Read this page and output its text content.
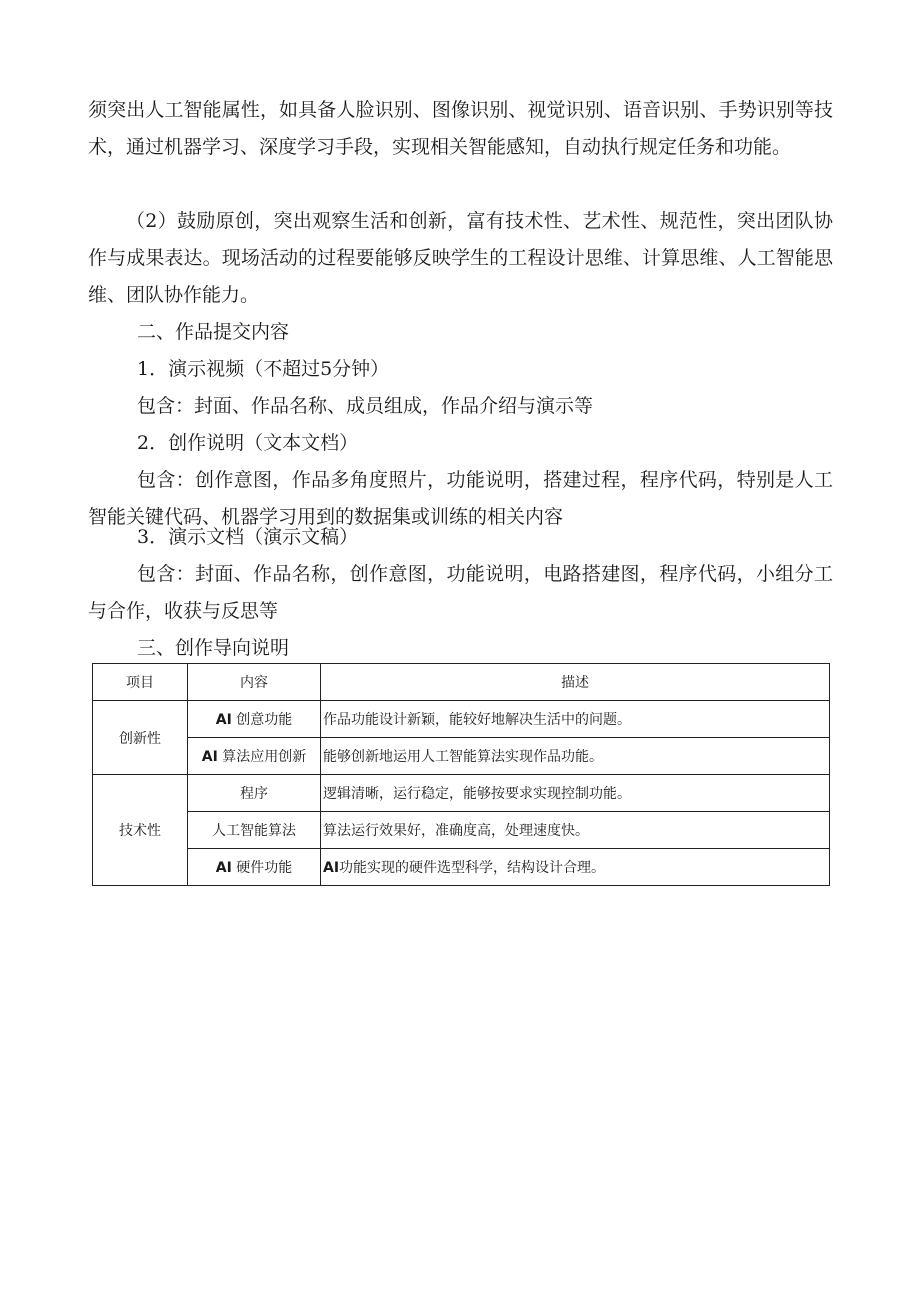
须突出人工智能属性，如具备人脸识别、图像识别、视觉识别、语音识别、手势识别等技术，通过机器学习、深度学习手段，实现相关智能感知，自动执行规定任务和功能。

（2）鼓励原创，突出观察生活和创新，富有技术性、艺术性、规范性，突出团队协作与成果表达。现场活动的过程要能够反映学生的工程设计思维、计算思维、人工智能思维、团队协作能力。

二、作品提交内容

1．演示视频（不超过5分钟）

包含：封面、作品名称、成员组成，作品介绍与演示等

2．创作说明（文本文档）

包含：创作意图，作品多角度照片，功能说明，搭建过程，程序代码，特别是人工智能关键代码、机器学习用到的数据集或训练的相关内容

3．演示文档（演示文稿）

包含：封面、作品名称，创作意图，功能说明，电路搭建图，程序代码，小组分工与合作，收获与反思等

三、创作导向说明

项目	内容	描述
创新性	AI 创意功能	作品功能设计新颖，能较好地解决生活中的问题。
	AI 算法应用创新	能够创新地运用人工智能算法实现作品功能。
技术性	程序	逻辑清晰，运行稳定，能够按要求实现控制功能。
	人工智能算法	算法运行效果好，准确度高，处理速度快。
	AI 硬件功能	AI功能实现的硬件选型科学，结构设计合理。
